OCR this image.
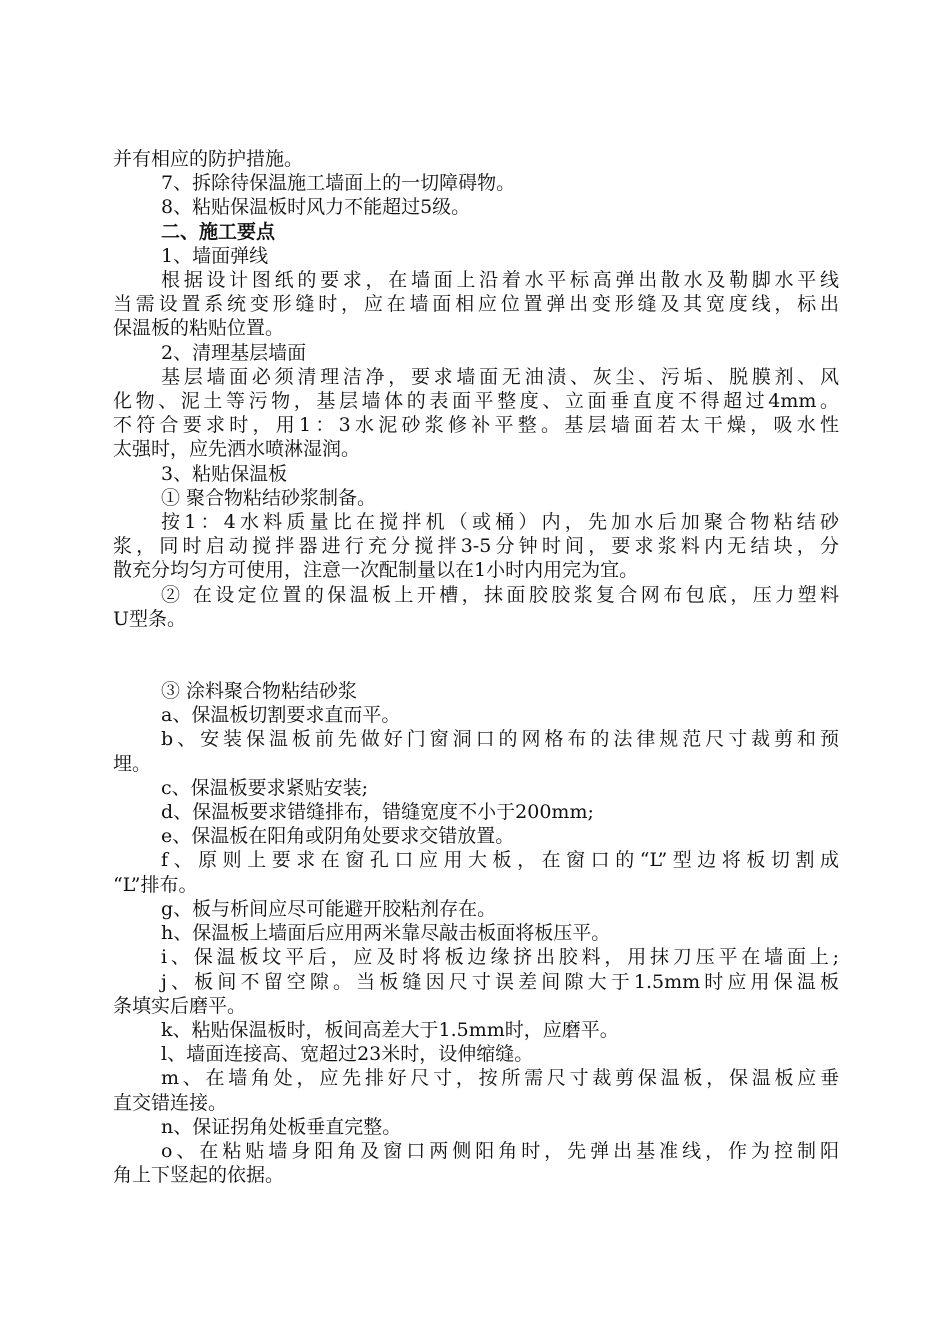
并有相应的防护措施。
7、拆除待保温施工墙面上的一切障碍物。
8、粘贴保温板时风力不能超过5级。
二、施工要点
1、墙面弹线
根据设计图纸的要求，在墙面上沿着水平标高弹出散水及勒脚水平线
当需设置系统变形缝时，应在墙面相应位置弹出变形缝及其宽度线，标出
保温板的粘贴位置。
2、清理基层墙面
基层墙面必须清理洁净，要求墙面无油渍、灰尘、污垢、脱膜剂、风
化物、泥土等污物，基层墙体的表面平整度、立面垂直度不得超过4mm。
不符合要求时，用1：3水泥砂浆修补平整。基层墙面若太干燥，吸水性
太强时，应先洒水喷淋湿润。
3、粘贴保温板
① 聚合物粘结砂浆制备。
按1：4水料质量比在搅拌机（或桶）内，先加水后加聚合物粘结砂
浆，同时启动搅拌器进行充分搅拌3-5分钟时间，要求浆料内无结块，分
散充分均匀方可使用，注意一次配制量以在1小时内用完为宜。
② 在设定位置的保温板上开槽，抹面胶胶浆复合网布包底，压力塑料
U型条。
③ 涂料聚合物粘结砂浆
a、保温板切割要求直而平。
b、安装保温板前先做好门窗洞口的网格布的法律规范尺寸裁剪和预
埋。
c、保温板要求紧贴安装;
d、保温板要求错缝排布，错缝宽度不小于200mm;
e、保温板在阳角或阴角处要求交错放置。
f、原则上要求在窗孔口应用大板，在窗口的“L”型边将板切割成
“L”排布。
g、板与析间应尽可能避开胶粘剂存在。
h、保温板上墙面后应用两米靠尽敲击板面将板压平。
i、保温板坟平后，应及时将板边缘挤出胶料，用抹刀压平在墙面上;
j、板间不留空隙。当板缝因尺寸误差间隙大于1.5mm时应用保温板
条填实后磨平。
k、粘贴保温板时，板间高差大于1.5mm时，应磨平。
l、墙面连接高、宽超过23米时，设伸缩缝。
m、在墙角处，应先排好尺寸，按所需尺寸裁剪保温板，保温板应垂
直交错连接。
n、保证拐角处板垂直完整。
o、在粘贴墙身阳角及窗口两侧阳角时，先弹出基准线，作为控制阳
角上下竖起的依据。
